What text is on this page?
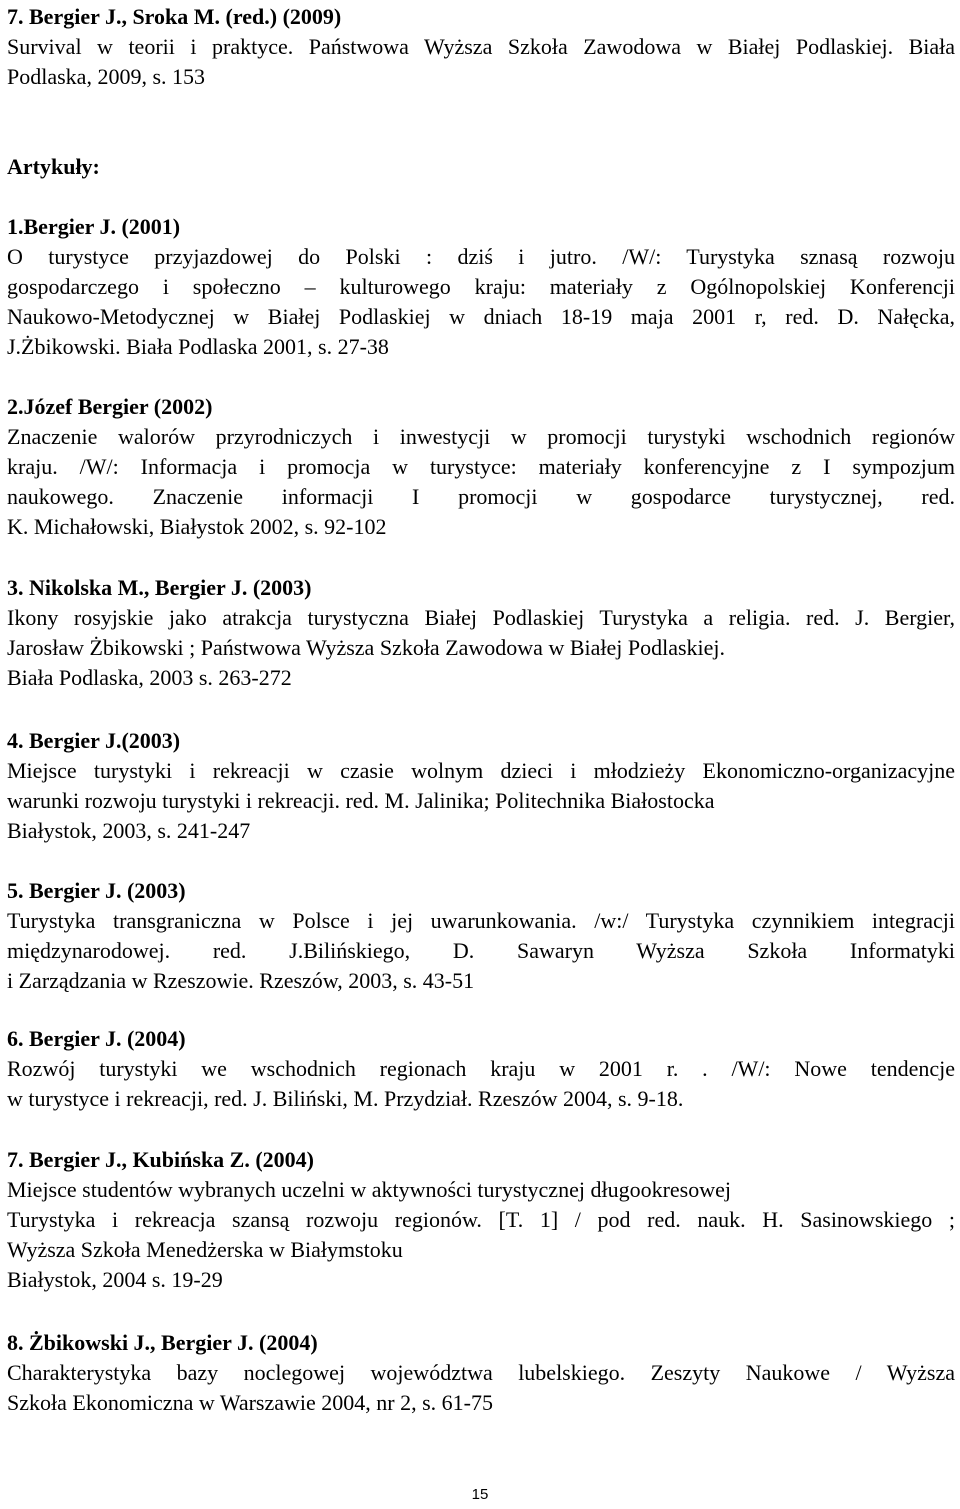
7. Bergier J., Sroka M. (red.) (2009)
Survival w teorii i praktyce. Państwowa Wyższa Szkoła Zawodowa w Białej Podlaskiej. Biała
Podlaska, 2009, s. 153
Artykuły:
1.Bergier J. (2001)
O turystyce przyjazdowej do Polski : dziś i jutro. /W/: Turystyka sznasą rozwoju
gospodarczego i społeczno – kulturowego kraju: materiały z Ogólnopolskiej Konferencji
Naukowo-Metodycznej w Białej Podlaskiej w dniach 18-19 maja 2001 r, red. D. Nałęcka,
J.Żbikowski. Biała Podlaska 2001, s. 27-38
2.Józef Bergier (2002)
Znaczenie walorów przyrodniczych i inwestycji w promocji turystyki wschodnich regionów
kraju. /W/: Informacja i promocja w turystyce: materiały konferencyjne z I sympozjum
naukowego. Znaczenie informacji I promocji w gospodarce turystycznej, red.
K. Michałowski, Białystok 2002, s. 92-102
3. Nikolska M., Bergier J. (2003)
Ikony rosyjskie jako atrakcja turystyczna Białej Podlaskiej Turystyka a religia. red. J. Bergier,
Jarosław Żbikowski ; Państwowa Wyższa Szkoła Zawodowa w Białej Podlaskiej.
Biała Podlaska, 2003 s. 263-272
4. Bergier J.(2003)
Miejsce turystyki i rekreacji w czasie wolnym dzieci i młodzieży Ekonomiczno-organizacyjne
warunki rozwoju turystyki i rekreacji. red. M. Jalinika; Politechnika Białostocka
Białystok, 2003, s. 241-247
5. Bergier J. (2003)
Turystyka transgraniczna w Polsce i jej uwarunkowania. /w:/ Turystyka czynnikiem integracji
międzynarodowej. red. J.Bilińskiego, D. Sawaryn Wyższa Szkoła Informatyki
i Zarządzania w Rzeszowie. Rzeszów, 2003, s. 43-51
6. Bergier J. (2004)
Rozwój turystyki we wschodnich regionach kraju w 2001 r. . /W/: Nowe tendencje
w turystyce i rekreacji, red. J. Biliński, M. Przydział. Rzeszów 2004, s. 9-18.
7. Bergier J., Kubińska Z. (2004)
Miejsce studentów wybranych uczelni w aktywności turystycznej długookresowej
Turystyka i rekreacja szansą rozwoju regionów. [T. 1] / pod red. nauk. H. Sasinowskiego ;
Wyższa Szkoła Menedżerska w Białymstoku
Białystok, 2004 s. 19-29
8. Żbikowski J., Bergier J. (2004)
Charakterystyka bazy noclegowej województwa lubelskiego. Zeszyty Naukowe / Wyższa
Szkoła Ekonomiczna w Warszawie 2004, nr 2, s. 61-75
15
